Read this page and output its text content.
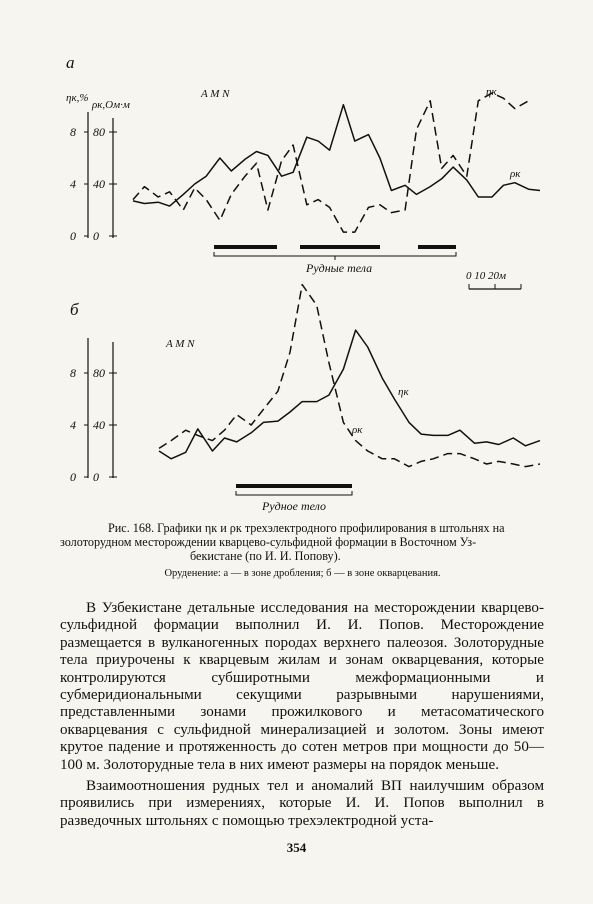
а
ηк,%
ρк,Ом·м
0 0
4 40
8 80
A M N	ηк
ρк
Рудные тела
0 10 20м
б
0 0
4 40
8 80
A M N
ηк
ρк
Рудное тело
Рис. 168. Графики ηк и ρк трехэлектродного профилирования в штольнях на
золоторудном месторождении кварцево-сульфидной формации в Восточном Уз-
бекистане (по И. И. Попову).
Оруденение: а — в зоне дробления; б — в зоне окварцевания.

В Узбекистане детальные исследования на месторождении кварцево-сульфидной формации выполнил И. И. Попов. Месторождение размещается в вулканогенных породах верхнего палеозоя. Золоторудные тела приурочены к кварцевым жилам и зонам окварцевания, которые контролируются субширотными межформационными и субмеридиональными секущими разрывными нарушениями, представленными зонами прожилкового и метасоматического окварцевания с сульфидной минерализацией и золотом. Зоны имеют крутое падение и протяженность до сотен метров при мощности до 50—100 м. Золоторудные тела в них имеют размеры на порядок меньше.

Взаимоотношения рудных тел и аномалий ВП наилучшим образом проявились при измерениях, которые И. И. Попов выполнил в разведочных штольнях с помощью трехэлектродной уста-

354
